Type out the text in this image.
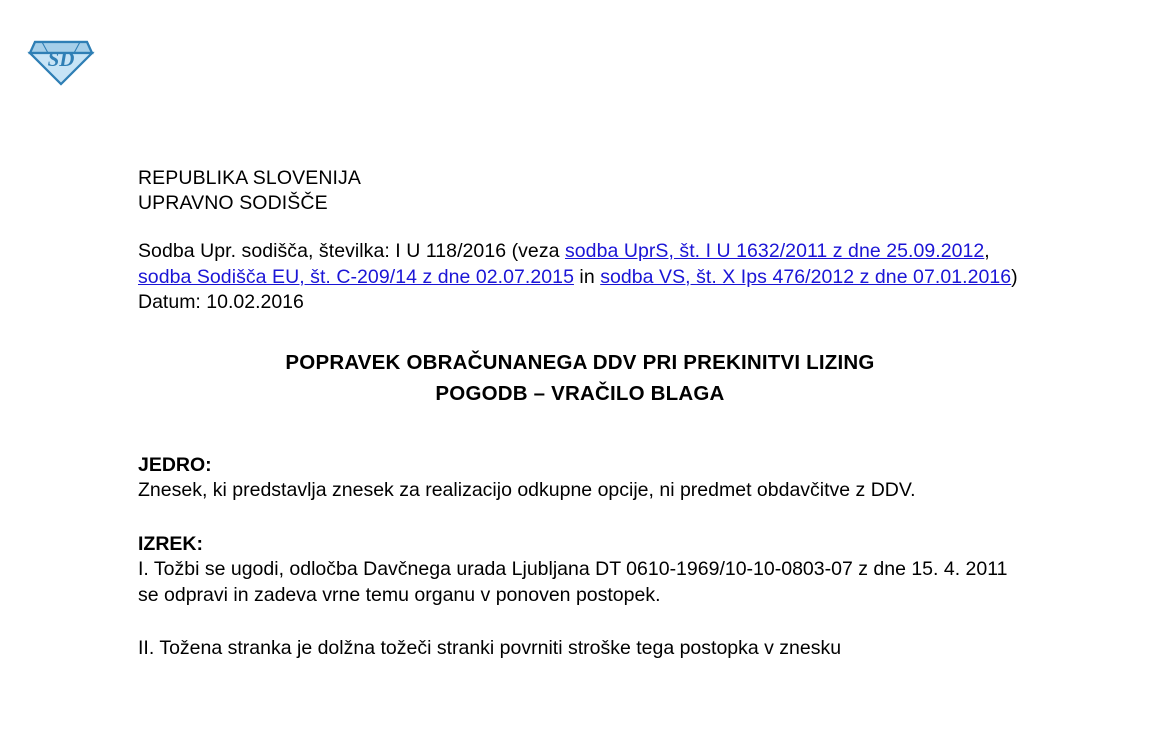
SD
REPUBLIKA SLOVENIJA
UPRAVNO SODIŠČE
Sodba Upr. sodišča, številka: I U 118/2016 (veza sodba UprS, št. I U 1632/2011 z dne 25.09.2012, sodba Sodišča EU, št. C-209/14 z dne 02.07.2015 in sodba VS, št. X Ips 476/2012 z dne 07.01.2016)
Datum: 10.02.2016
POPRAVEK OBRAČUNANEGA DDV PRI PREKINITVI LIZING
POGODB – VRAČILO BLAGA
JEDRO:
Znesek, ki predstavlja znesek za realizacijo odkupne opcije, ni predmet obdavčitve z DDV.
IZREK:
I. Tožbi se ugodi, odločba Davčnega urada Ljubljana DT 0610-1969/10-10-0803-07 z dne 15. 4. 2011 se odpravi in zadeva vrne temu organu v ponoven postopek.
II. Tožena stranka je dolžna tožeči stranki povrniti stroške tega postopka v znesku
